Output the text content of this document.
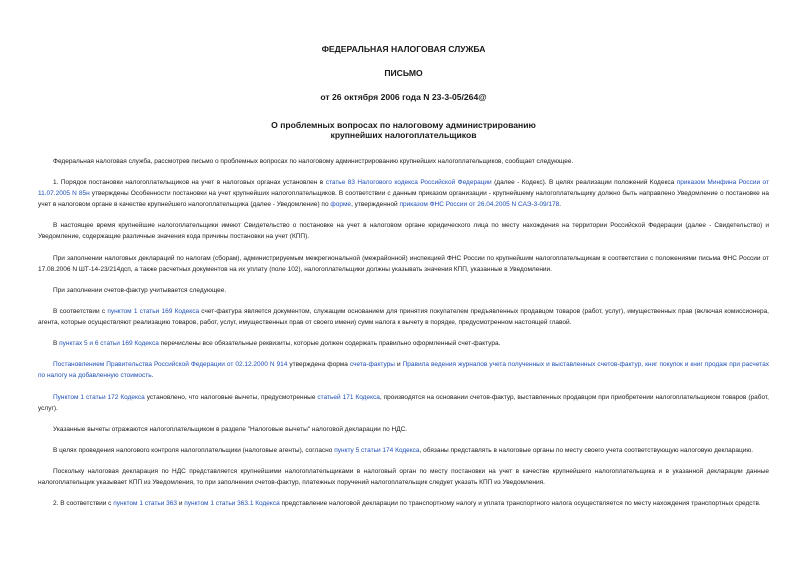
ФЕДЕРАЛЬНАЯ НАЛОГОВАЯ СЛУЖБА
ПИСЬМО
от 26 октября 2006 года N 23-3-05/264@
О проблемных вопросах по налоговому администрированию
крупнейших налогоплательщиков

Федеральная налоговая служба, рассмотрев письмо о проблемных вопросах по налоговому администрированию крупнейших налогоплательщиков, сообщает следующее.

1. Порядок постановки налогоплательщиков на учет в налоговых органах установлен в статье 83 Налогового кодекса Российской Федерации (далее - Кодекс). В целях реализации положений Кодекса приказом Минфина России от 11.07.2005 N 85н утверждены Особенности постановки на учет крупнейших налогоплательщиков. В соответствии с данным приказом организации - крупнейшему налогоплательщику должно быть направлено Уведомление о постановке на учет в налоговом органе в качестве крупнейшего налогоплательщика (далее - Уведомление) по форме, утвержденной приказом ФНС России от 26.04.2005 N САЭ-3-09/178.

В настоящее время крупнейшие налогоплательщики имеют Свидетельство о постановке на учет в налоговом органе юридического лица по месту нахождения на территории Российской Федерации (далее - Свидетельство) и Уведомление, содержащие различные значения кода причины постановки на учет (КПП).

При заполнении налоговых деклараций по налогам (сборам), администрируемым межрегиональной (межрайонной) инспекцией ФНС России по крупнейшим налогоплательщикам в соответствии с положениями письма ФНС России от 17.08.2006 N ШТ-14-23/214дсп, а также расчетных документов на их уплату (поле 102), налогоплательщики должны указывать значения КПП, указанные в Уведомлении.

При заполнении счетов-фактур учитывается следующее.

В соответствии с пунктом 1 статьи 169 Кодекса счет-фактура является документом, служащим основанием для принятия покупателем предъявленных продавцом товаров (работ, услуг), имущественных прав (включая комиссионера, агента, которые осуществляют реализацию товаров, работ, услуг, имущественных прав от своего имени) сумм налога к вычету в порядке, предусмотренном настоящей главой.

В пунктах 5 и 6 статьи 169 Кодекса перечислены все обязательные реквизиты, которые должен содержать правильно оформленный счет-фактура.

Постановлением Правительства Российской Федерации от 02.12.2000 N 914 утверждена форма счета-фактуры и Правила ведения журналов учета полученных и выставленных счетов-фактур, книг покупок и книг продаж при расчетах по налогу на добавленную стоимость.

Пунктом 1 статьи 172 Кодекса установлено, что налоговые вычеты, предусмотренные статьей 171 Кодекса, производятся на основании счетов-фактур, выставленных продавцом при приобретении налогоплательщиком товаров (работ, услуг).

Указанные вычеты отражаются налогоплательщиком в разделе "Налоговые вычеты" налоговой декларации по НДС.

В целях проведения налогового контроля налогоплательщики (налоговые агенты), согласно пункту 5 статьи 174 Кодекса, обязаны представлять в налоговые органы по месту своего учета соответствующую налоговую декларацию.

Поскольку налоговая декларация по НДС представляется крупнейшими налогоплательщиками в налоговый орган по месту постановки на учет в качестве крупнейшего налогоплательщика и в указанной декларации данные налогоплательщик указывает КПП из Уведомления, то при заполнении счетов-фактур, платежных поручений налогоплательщик следует указать КПП из Уведомления.

2. В соответствии с пунктом 1 статьи 363 и пунктом 1 статьи 363.1 Кодекса представление налоговой декларации по транспортному налогу и уплата транспортного налога осуществляется по месту нахождения транспортных средств.
